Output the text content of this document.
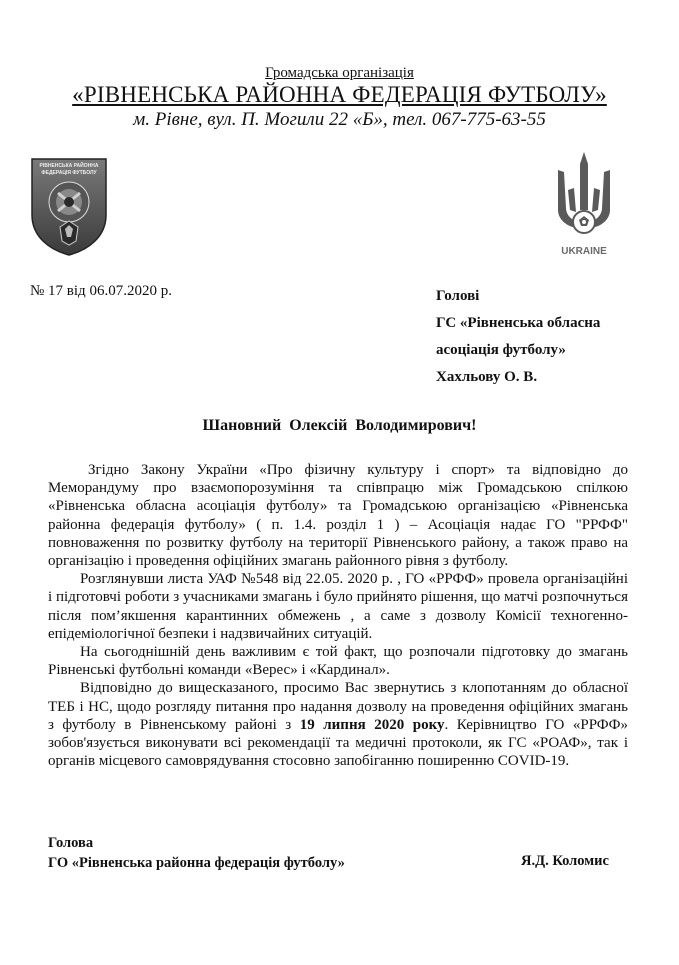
Громадська організація
«РІВНЕНСЬКА РАЙОННА ФЕДЕРАЦІЯ ФУТБОЛУ»
м. Рівне, вул. П. Могили 22 «Б», тел. 067-775-63-55
РІВНЕНСЬКА РАЙОННА
ФЕДЕРАЦІЯ ФУТБОЛУ
UKRAINE
№ 17 від 06.07.2020 р.	Голові
ГС «Рівненська обласна
асоціація футболу»
Хахльову О. В.
Шановний Олексій Володимирович!

Згідно Закону України «Про фізичну культуру і спорт» та відповідно до Меморандуму про взаємопорозуміння та співпрацю між Громадською спілкою «Рівненська обласна асоціація футболу» та Громадською організацією «Рівненська районна федерація футболу» ( п. 1.4. розділ 1 ) – Асоціація надає ГО "РРФФ" повноваження по розвитку футболу на території Рівненського району, а також право на організацію і проведення офіційних змагань районного рівня з футболу.

Розглянувши листа УАФ №548 від 22.05. 2020 р. , ГО «РРФФ» провела організаційні і підготовчі роботи з учасниками змагань і було прийнято рішення, що матчі розпочнуться після пом’якшення карантинних обмежень , а саме з дозволу Комісії техногенно-епідеміологічної безпеки і надзвичайних ситуацій.

На сьогоднішній день важливим є той факт, що розпочали підготовку до змагань Рівненські футбольні команди «Верес» і «Кардинал».

Відповідно до вищесказаного, просимо Вас звернутись з клопотанням до обласної ТЕБ і НС, щодо розгляду питання про надання дозволу на проведення офіційних змагань з футболу в Рівненському районі з 19 липня 2020 року. Керівництво ГО «РРФФ» зобов'язується виконувати всі рекомендації та медичні протоколи, як ГС «РОАФ», так і органів місцевого самоврядування стосовно запобіганню поширенню COVID-19.

Голова
ГО «Рівненська районна федерація футболу»	Я.Д. Коломис
